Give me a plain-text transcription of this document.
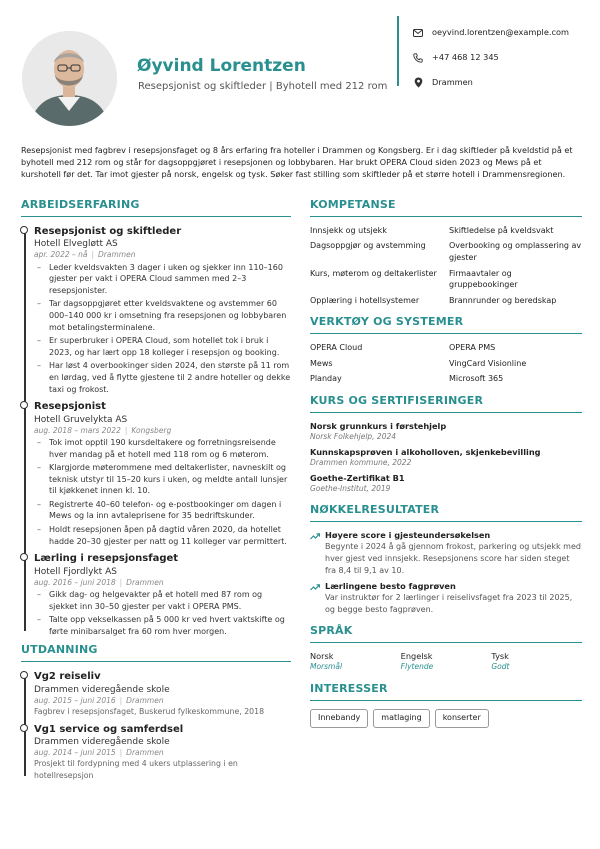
Øyvind Lorentzen
Resepsjonist og skiftleder | Byhotell med 212 rom
oeyvind.lorentzen@example.com
+47 468 12 345
Drammen
Resepsjonist med fagbrev i resepsjonsfaget og 8 års erfaring fra hoteller i Drammen og Kongsberg. Er i dag skiftleder på kveldstid på et byhotell med 212 rom og står for dagsoppgjøret i resepsjonen og lobbybaren. Har brukt OPERA Cloud siden 2023 og Mews på et kurshotell før det. Tar imot gjester på norsk, engelsk og tysk. Søker fast stilling som skiftleder på et større hotell i Drammensregionen.
ARBEIDSERFARING
Resepsjonist og skiftleder
Hotell Elvegløtt AS
apr. 2022 – nå | Drammen
– Leder kveldsvakten 3 dager i uken og sjekker inn 110–160 gjester per vakt i OPERA Cloud sammen med 2–3 resepsjonister.
– Tar dagsoppgjøret etter kveldsvaktene og avstemmer 60 000–140 000 kr i omsetning fra resepsjonen og lobbybaren mot betalingsterminalene.
– Er superbruker i OPERA Cloud, som hotellet tok i bruk i 2023, og har lært opp 18 kolleger i resepsjon og booking.
– Har løst 4 overbookinger siden 2024, den største på 11 rom en lørdag, ved å flytte gjestene til 2 andre hoteller og dekke taxi og frokost.
Resepsjonist
Hotell Gruvelykta AS
aug. 2018 – mars 2022 | Kongsberg
– Tok imot opptil 190 kursdeltakere og forretningsreisende hver mandag på et hotell med 118 rom og 6 møterom.
– Klargjorde møterommene med deltakerlister, navneskilt og teknisk utstyr til 15–20 kurs i uken, og meldte antall lunsjer til kjøkkenet innen kl. 10.
– Registrerte 40–60 telefon- og e-postbookinger om dagen i Mews og la inn avtaleprisene for 35 bedriftskunder.
– Holdt resepsjonen åpen på dagtid våren 2020, da hotellet hadde 20–30 gjester per natt og 11 kolleger var permittert.
Lærling i resepsjonsfaget
Hotell Fjordlykt AS
aug. 2016 – juni 2018 | Drammen
– Gikk dag- og helgevakter på et hotell med 87 rom og sjekket inn 30–50 gjester per vakt i OPERA PMS.
– Talte opp vekselkassen på 5 000 kr ved hvert vaktskifte og førte minibarsalget fra 60 rom hver morgen.
UTDANNING
Vg2 reiseliv
Drammen videregående skole
aug. 2015 – juni 2016 | Drammen
Fagbrev i resepsjonsfaget, Buskerud fylkeskommune, 2018
Vg1 service og samferdsel
Drammen videregående skole
aug. 2014 – juni 2015 | Drammen
Prosjekt til fordypning med 4 ukers utplassering i en hotellresepsjon
KOMPETANSE
Innsjekk og utsjekk	Skiftledelse på kveldsvakt
Dagsoppgjør og avstemming	Overbooking og omplassering av gjester
Kurs, møterom og deltakerlister	Firmaavtaler og gruppebookinger
Opplæring i hotellsystemer	Brannrunder og beredskap
VERKTØY OG SYSTEMER
OPERA Cloud	OPERA PMS
Mews	VingCard Visionline
Planday	Microsoft 365
KURS OG SERTIFISERINGER
Norsk grunnkurs i førstehjelp
Norsk Folkehjelp, 2024
Kunnskapsprøven i alkoholloven, skjenkebevilling
Drammen kommune, 2022
Goethe-Zertifikat B1
Goethe-Institut, 2019
NØKKELRESULTATER
Høyere score i gjesteundersøkelsen
Begynte i 2024 å gå gjennom frokost, parkering og utsjekk med hver gjest ved innsjekk. Resepsjonens score har siden steget fra 8,4 til 9,1 av 10.
Lærlingene besto fagprøven
Var instruktør for 2 lærlinger i reiselivsfaget fra 2023 til 2025, og begge besto fagprøven.
SPRÅK
Norsk
Morsmål
Engelsk
Flytende
Tysk
Godt
INTERESSER
Innebandy	matlaging	konserter
